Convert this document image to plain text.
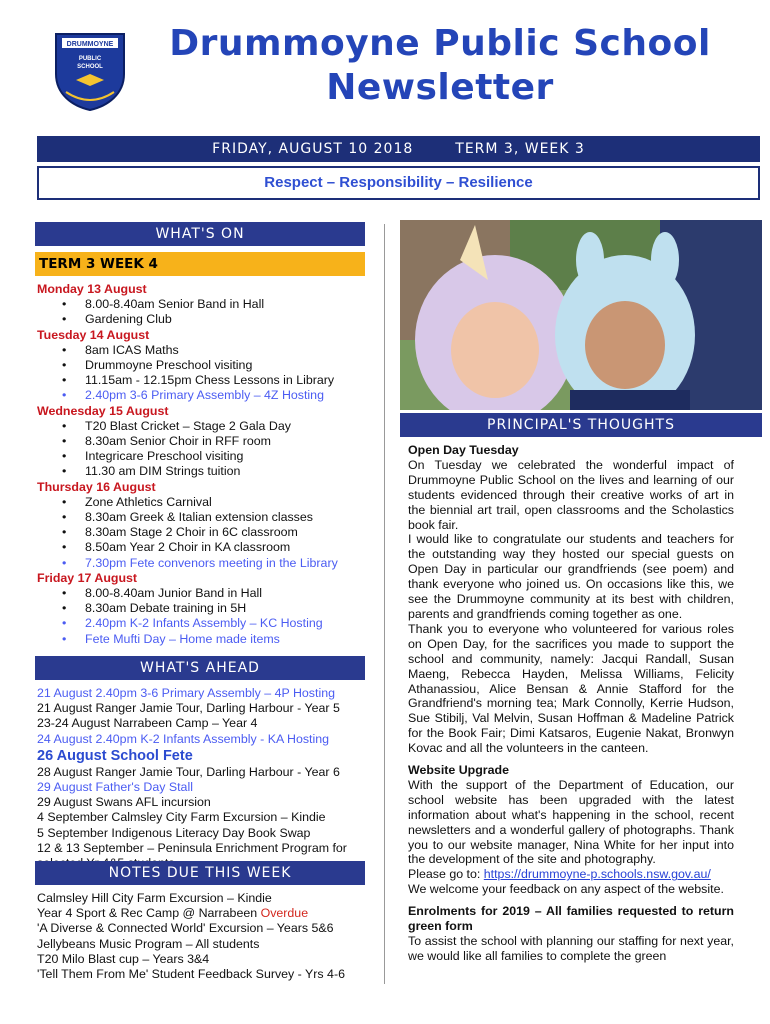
DRUMMOYNE
PUBLIC
SCHOOL
Drummoyne Public School
Newsletter
FRIDAY, AUGUST 10 2018	TERM 3, WEEK 3
Respect – Responsibility – Resilience
WHAT'S ON
TERM 3 WEEK 4
Monday 13 August
• 8.00-8.40am Senior Band in Hall
• Gardening Club
Tuesday 14 August
• 8am ICAS Maths
• Drummoyne Preschool visiting
• 11.15am - 12.15pm Chess Lessons in Library
• 2.40pm 3-6 Primary Assembly – 4Z Hosting
Wednesday 15 August
• T20 Blast Cricket – Stage 2 Gala Day
• 8.30am Senior Choir in RFF room
• Integricare Preschool visiting
• 11.30 am DIM Strings tuition
Thursday 16 August
• Zone Athletics Carnival
• 8.30am Greek & Italian extension classes
• 8.30am Stage 2 Choir in 6C classroom
• 8.50am Year 2 Choir in KA classroom
• 7.30pm Fete convenors meeting in the Library
Friday 17 August
• 8.00-8.40am Junior Band in Hall
• 8.30am Debate training in 5H
• 2.40pm K-2 Infants Assembly – KC Hosting
• Fete Mufti Day – Home made items
WHAT'S AHEAD
21 August 2.40pm 3-6 Primary Assembly – 4P Hosting
21 August Ranger Jamie Tour, Darling Harbour - Year 5
23-24 August Narrabeen Camp – Year 4
24 August 2.40pm K-2 Infants Assembly - KA Hosting
26 August School Fete
28 August Ranger Jamie Tour, Darling Harbour - Year 6
29 August Father's Day Stall
29 August Swans AFL incursion
4 September Calmsley City Farm Excursion – Kindie
5 September Indigenous Literacy Day Book Swap
12 & 13 September – Peninsula Enrichment Program for
NOTES DUE THIS WEEK
Calmsley Hill City Farm Excursion – Kindie
Year 4 Sport & Rec Camp @ Narrabeen Overdue
'A Diverse & Connected World' Excursion – Years 5&6
Jellybeans Music Program – All students
T20 Milo Blast cup – Years 3&4
'Tell Them From Me' Student Feedback Survey - Yrs 4-6
PRINCIPAL'S THOUGHTS

Open Day Tuesday

On Tuesday we celebrated the wonderful impact of Drummoyne Public School on the lives and learning of our students evidenced through their creative works of art in the biennial art trail, open classrooms and the Scholastics book fair.

I would like to congratulate our students and teachers for the outstanding way they hosted our special guests on Open Day in particular our grandfriends (see poem) and thank everyone who joined us. On occasions like this, we see the Drummoyne community at its best with children, parents and grandfriends coming together as one.

Thank you to everyone who volunteered for various roles on Open Day, for the sacrifices you made to support the school and community, namely: Jacqui Randall, Susan Maeng, Rebecca Hayden, Melissa Williams, Felicity Athanassiou, Alice Bensan & Annie Stafford for the Grandfriend's morning tea; Mark Connolly, Kerrie Hudson, Sue Stibilj, Val Melvin, Susan Hoffman & Madeline Patrick for the Book Fair; Dimi Katsaros, Eugenie Nakat, Bronwyn Kovac and all the volunteers in the canteen.

Website Upgrade

With the support of the Department of Education, our school website has been upgraded with the latest information about what's happening in the school, recent newsletters and a wonderful gallery of photographs. Thank you to our website manager, Nina White for her input into the development of the site and photography.

Please go to: https://drummoyne-p.schools.nsw.gov.au/

We welcome your feedback on any aspect of the website.

Enrolments for 2019 – All families requested to return green form

To assist the school with planning our staffing for next year, we would like all families to complete the green
